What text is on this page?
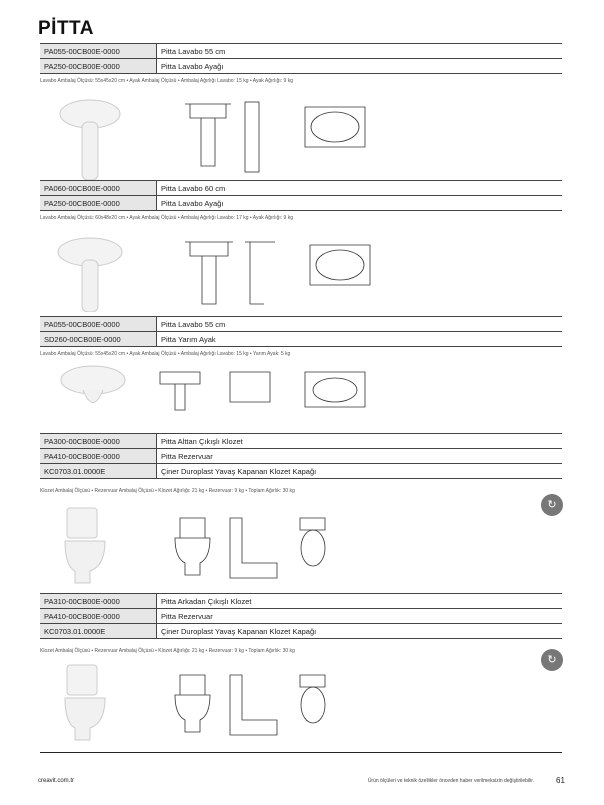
PİTTA
PA055-00CB00E-0000	Pitta Lavabo 55 cm
PA250-00CB00E-0000	Pitta Lavabo Ayağı
Lavabo Ambalaj Ölçüsü: 55x45x20 cm • Ayak Ambalaj Ölçüsü • Ambalaj Ağırlığı Lavabo: 15 kg • Ayak Ağırlığı: 9 kg
PA060-00CB00E-0000	Pitta Lavabo 60 cm
PA250-00CB00E-0000	Pitta Lavabo Ayağı
Lavabo Ambalaj Ölçüsü: 60x48x20 cm • Ayak Ambalaj Ölçüsü • Ambalaj Ağırlığı Lavabo: 17 kg • Ayak Ağırlığı: 9 kg
PA055-00CB00E-0000	Pitta Lavabo 55 cm
SD260-00CB00E-0000	Pitta Yarım Ayak
Lavabo Ambalaj Ölçüsü: 55x45x20 cm • Ayak Ambalaj Ölçüsü • Ambalaj Ağırlığı Lavabo: 15 kg • Yarım Ayak: 5 kg
PA300-00CB00E-0000	Pitta Alttan Çıkışlı Klozet
PA410-00CB00E-0000	Pitta Rezervuar
KC0703.01.0000E	Çiner Duroplast Yavaş Kapanan Klozet Kapağı
Klozet Ambalaj Ölçüsü • Rezervuar Ambalaj Ölçüsü • Klozet Ağırlığı: 21 kg • Rezervuar: 9 kg • Toplam Ağırlık: 30 kg
PA310-00CB00E-0000	Pitta Arkadan Çıkışlı Klozet
PA410-00CB00E-0000	Pitta Rezervuar
KC0703.01.0000E	Çiner Duroplast Yavaş Kapanan Klozet Kapağı
Klozet Ambalaj Ölçüsü • Rezervuar Ambalaj Ölçüsü • Klozet Ağırlığı: 21 kg • Rezervuar: 9 kg • Toplam Ağırlık: 30 kg
↻
↻
creavit.com.tr	Ürün ölçüleri ve teknik özellikler önceden haber verilmeksizin değiştirilebilir.	61
